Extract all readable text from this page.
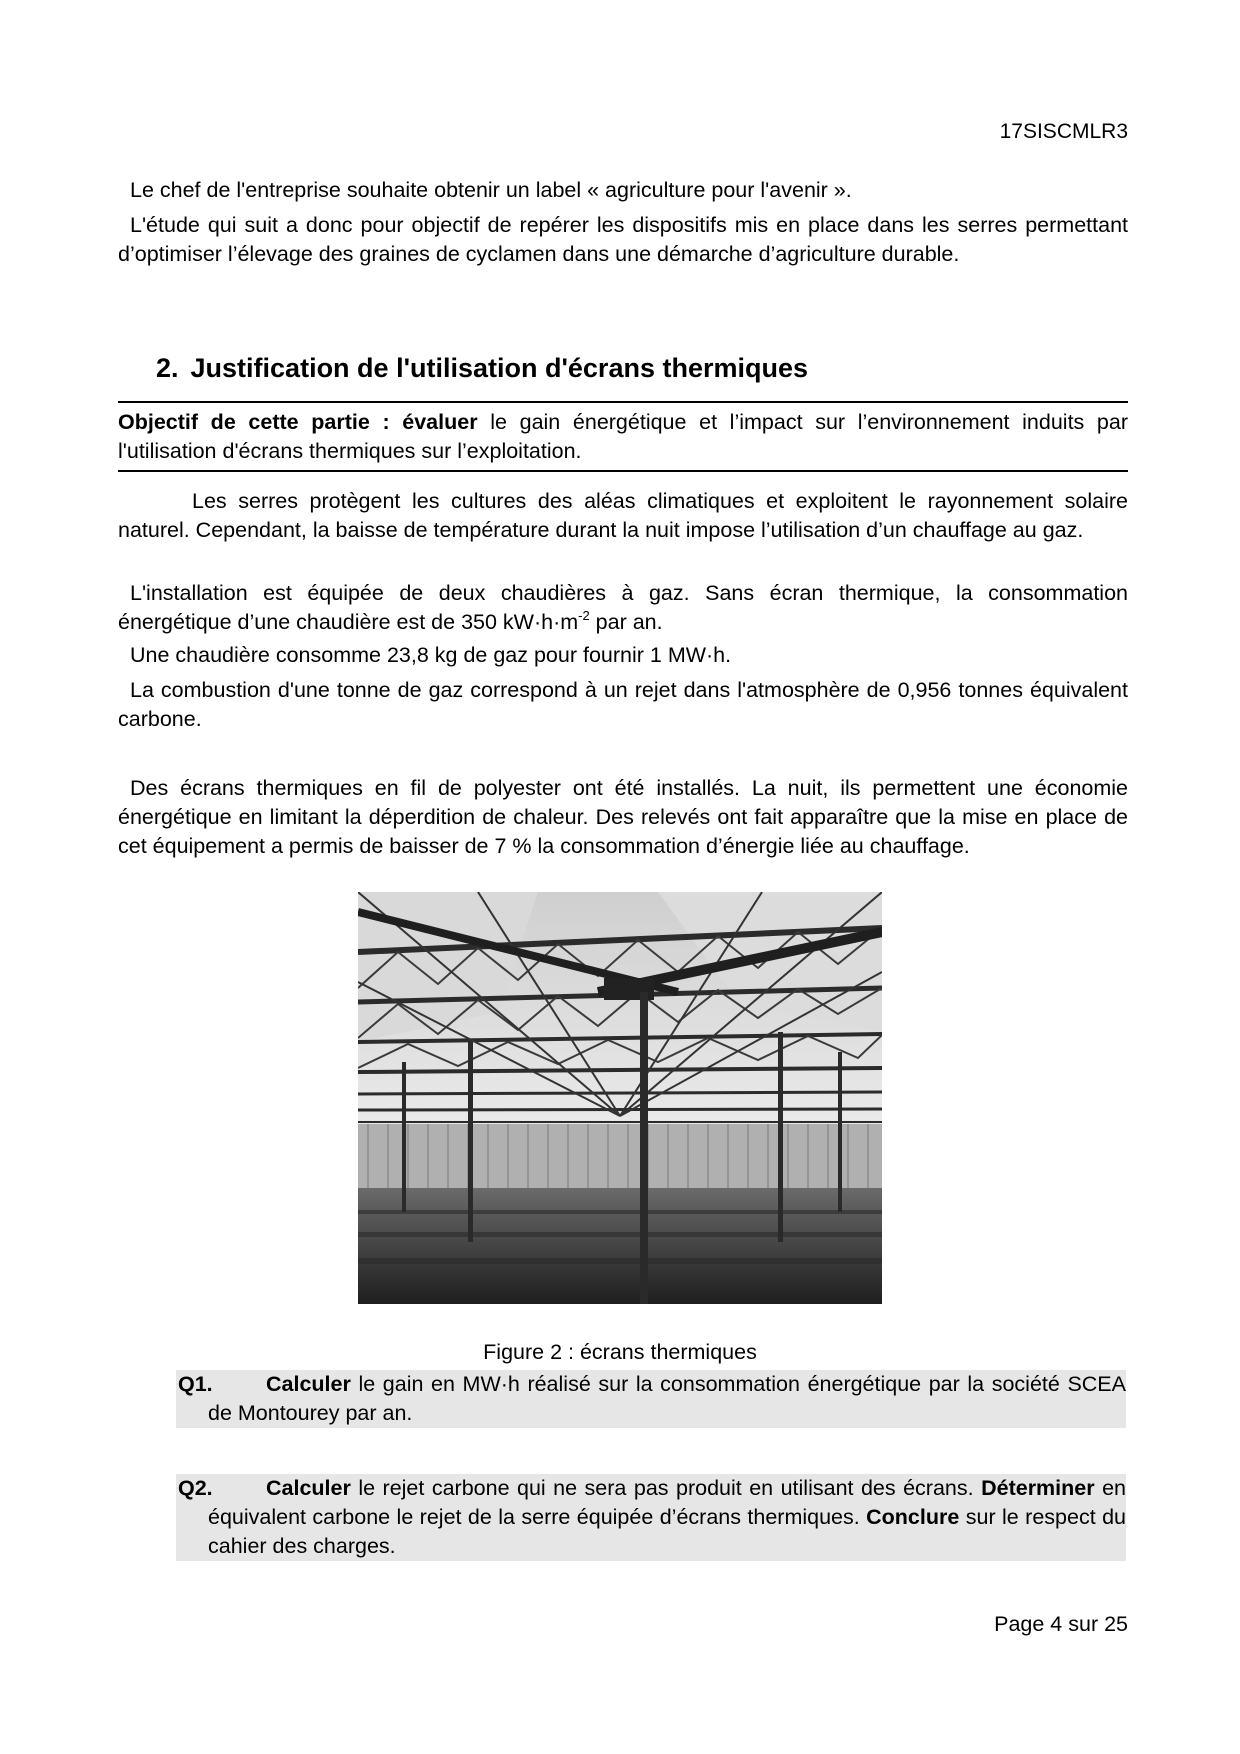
17SISCMLR3

Le chef de l'entreprise souhaite obtenir un label « agriculture pour l'avenir ».

L'étude qui suit a donc pour objectif de repérer les dispositifs mis en place dans les serres permettant d’optimiser l’élevage des graines de cyclamen dans une démarche d’agriculture durable.

2. Justification de l'utilisation d'écrans thermiques
Objectif de cette partie : évaluer le gain énergétique et l’impact sur l’environnement induits par l'utilisation d'écrans thermiques sur l’exploitation.

Les serres protègent les cultures des aléas climatiques et exploitent le rayonnement solaire naturel. Cependant, la baisse de température durant la nuit impose l’utilisation d’un chauffage au gaz.

L'installation est équipée de deux chaudières à gaz. Sans écran thermique, la consommation énergétique d’une chaudière est de 350 $kW\cdot h\cdot m^{-2}$ par an.

Une chaudière consomme 23,8 kg de gaz pour fournir 1 MW·h.

La combustion d'une tonne de gaz correspond à un rejet dans l'atmosphère de 0,956 tonnes équivalent carbone.

Des écrans thermiques en fil de polyester ont été installés. La nuit, ils permettent une économie énergétique en limitant la déperdition de chaleur. Des relevés ont fait apparaître que la mise en place de cet équipement a permis de baisser de 7 % la consommation d’énergie liée au chauffage.

Figure 2 : écrans thermiques
Q1.	Calculer le gain en MW·h réalisé sur la consommation énergétique par la société SCEA de Montourey par an.
Q2.	Calculer le rejet carbone qui ne sera pas produit en utilisant des écrans. Déterminer en équivalent carbone le rejet de la serre équipée d’écrans thermiques. Conclure sur le respect du cahier des charges.
Page 4 sur 25
